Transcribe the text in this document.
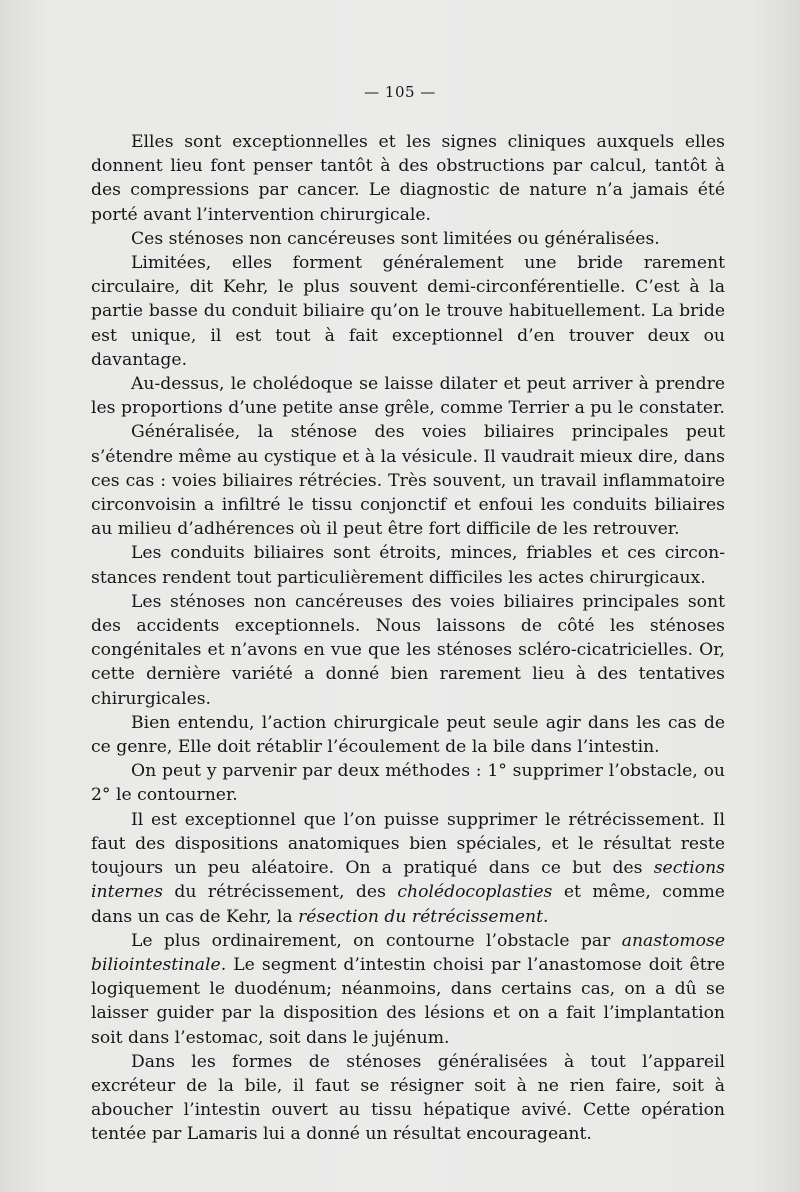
— 105 —

Elles sont exceptionnelles et les signes cliniques auxquels elles donnent lieu font penser tantôt à des obstructions par calcul, tantôt à des compressions par cancer. Le diagnostic de nature n’a jamais été porté avant l’intervention chirurgicale.

Ces sténoses non cancéreuses sont limitées ou généralisées.

Limitées, elles forment généralement une bride rarement circulaire, dit Kehr, le plus souvent demi-circonférentielle. C’est à la partie basse du conduit biliaire qu’on le trouve habituellement. La bride est unique, il est tout à fait exceptionnel d’en trouver deux ou davantage.

Au-dessus, le cholédoque se laisse dilater et peut arriver à prendre les proportions d’une petite anse grêle, comme Terrier a pu le constater.

Généralisée, la sténose des voies biliaires principales peut s’étendre même au cystique et à la vésicule. Il vaudrait mieux dire, dans ces cas : voies biliaires rétrécies. Très souvent, un travail inflammatoire circonvoisin a infiltré le tissu conjonctif et enfoui les conduits biliaires au milieu d’adhérences où il peut être fort difficile de les retrouver.

Les conduits biliaires sont étroits, minces, friables et ces circonstances rendent tout particulièrement difficiles les actes chirurgicaux.

Les sténoses non cancéreuses des voies biliaires principales sont des accidents exceptionnels. Nous laissons de côté les sténoses congénitales et n’avons en vue que les sténoses scléro-cicatricielles. Or, cette dernière variété a donné bien rarement lieu à des tentatives chirurgicales.

Bien entendu, l’action chirurgicale peut seule agir dans les cas de ce genre, Elle doit rétablir l’écoulement de la bile dans l’intestin.

On peut y parvenir par deux méthodes : 1° supprimer l’obstacle, ou 2° le contourner.

Il est exceptionnel que l’on puisse supprimer le rétrécissement. Il faut des dispositions anatomiques bien spéciales, et le résultat reste toujours un peu aléatoire. On a pratiqué dans ce but des sections internes du rétrécissement, des cholédocoplasties et même, comme dans un cas de Kehr, la résection du rétrécissement.

Le plus ordinairement, on contourne l’obstacle par anastomose biliointestinale. Le segment d’intestin choisi par l’anastomose doit être logiquement le duodénum; néanmoins, dans certains cas, on a dû se laisser guider par la disposition des lésions et on a fait l’implantation soit dans l’estomac, soit dans le jujénum.

Dans les formes de sténoses généralisées à tout l’appareil excréteur de la bile, il faut se résigner soit à ne rien faire, soit à aboucher l’intestin ouvert au tissu hépatique avivé. Cette opération tentée par Lamaris lui a donné un résultat encourageant.
